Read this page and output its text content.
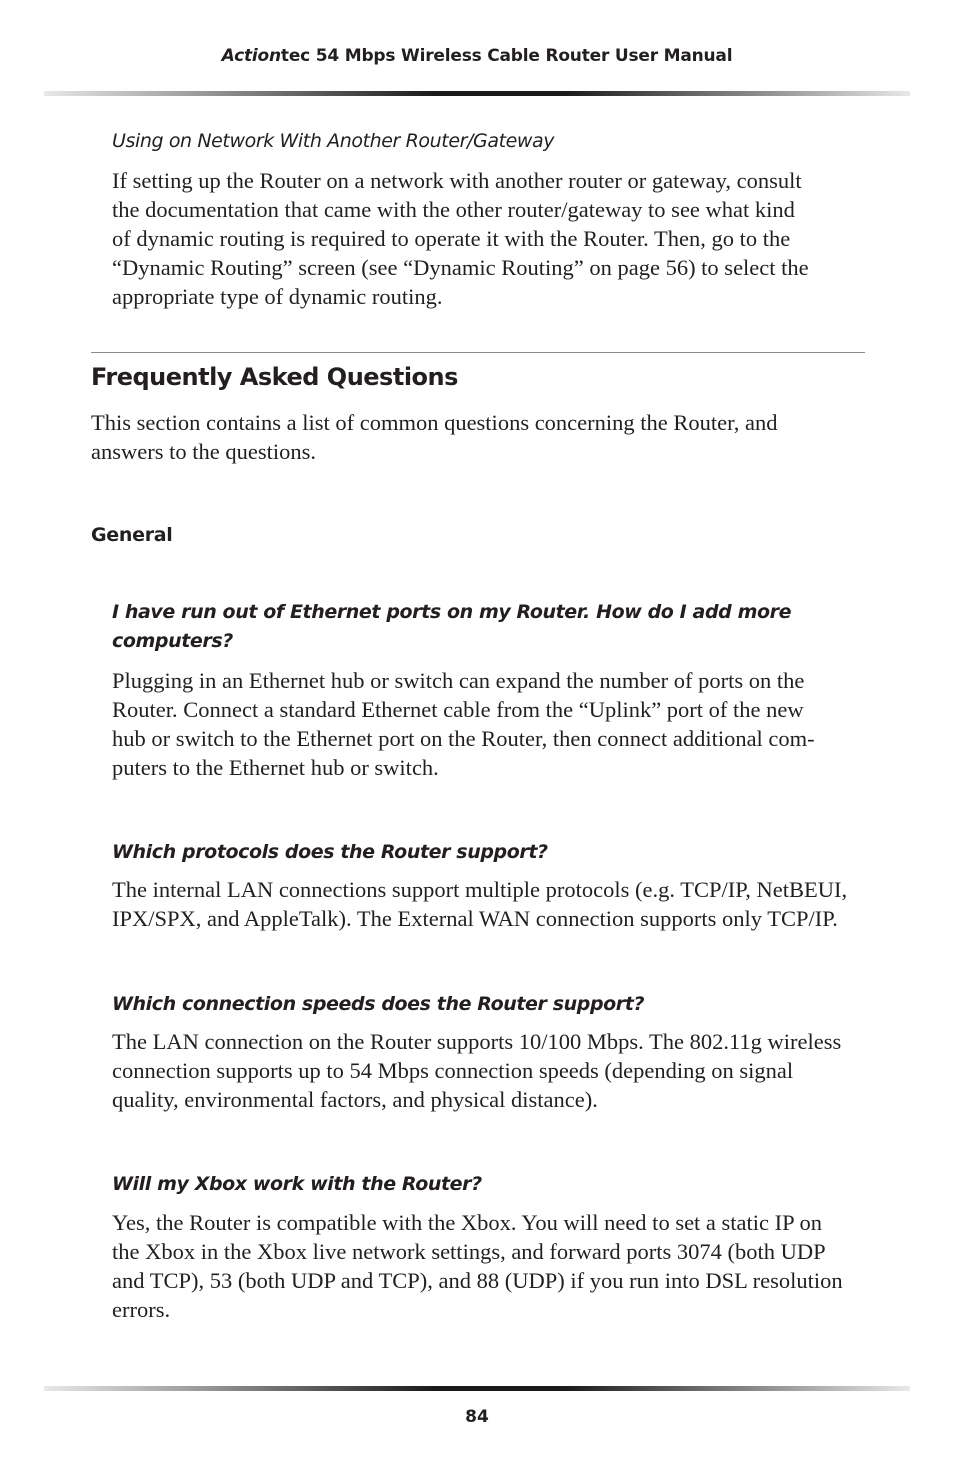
Actiontec 54 Mbps Wireless Cable Router User Manual

Using on Network With Another Router/Gateway

If setting up the Router on a network with another router or gateway, consult

the documentation that came with the other router/gateway to see what kind

of dynamic routing is required to operate it with the Router. Then, go to the

“Dynamic Routing” screen (see “Dynamic Routing” on page 56) to select the

appropriate type of dynamic routing.

Frequently Asked Questions

This section contains a list of common questions concerning the Router, and

answers to the questions.

General

I have run out of Ethernet ports on my Router. How do I add more

computers?

Plugging in an Ethernet hub or switch can expand the number of ports on the

Router. Connect a standard Ethernet cable from the “Uplink” port of the new

hub or switch to the Ethernet port on the Router, then connect additional com-

puters to the Ethernet hub or switch.

Which protocols does the Router support?

The internal LAN connections support multiple protocols (e.g. TCP/IP, NetBEUI,

IPX/SPX, and AppleTalk). The External WAN connection supports only TCP/IP.

Which connection speeds does the Router support?

The LAN connection on the Router supports 10/100 Mbps. The 802.11g wireless

connection supports up to 54 Mbps connection speeds (depending on signal

quality, environmental factors, and physical distance).

Will my Xbox work with the Router?

Yes, the Router is compatible with the Xbox. You will need to set a static IP on

the Xbox in the Xbox live network settings, and forward ports 3074 (both UDP

and TCP), 53 (both UDP and TCP), and 88 (UDP) if you run into DSL resolution

errors.

84
